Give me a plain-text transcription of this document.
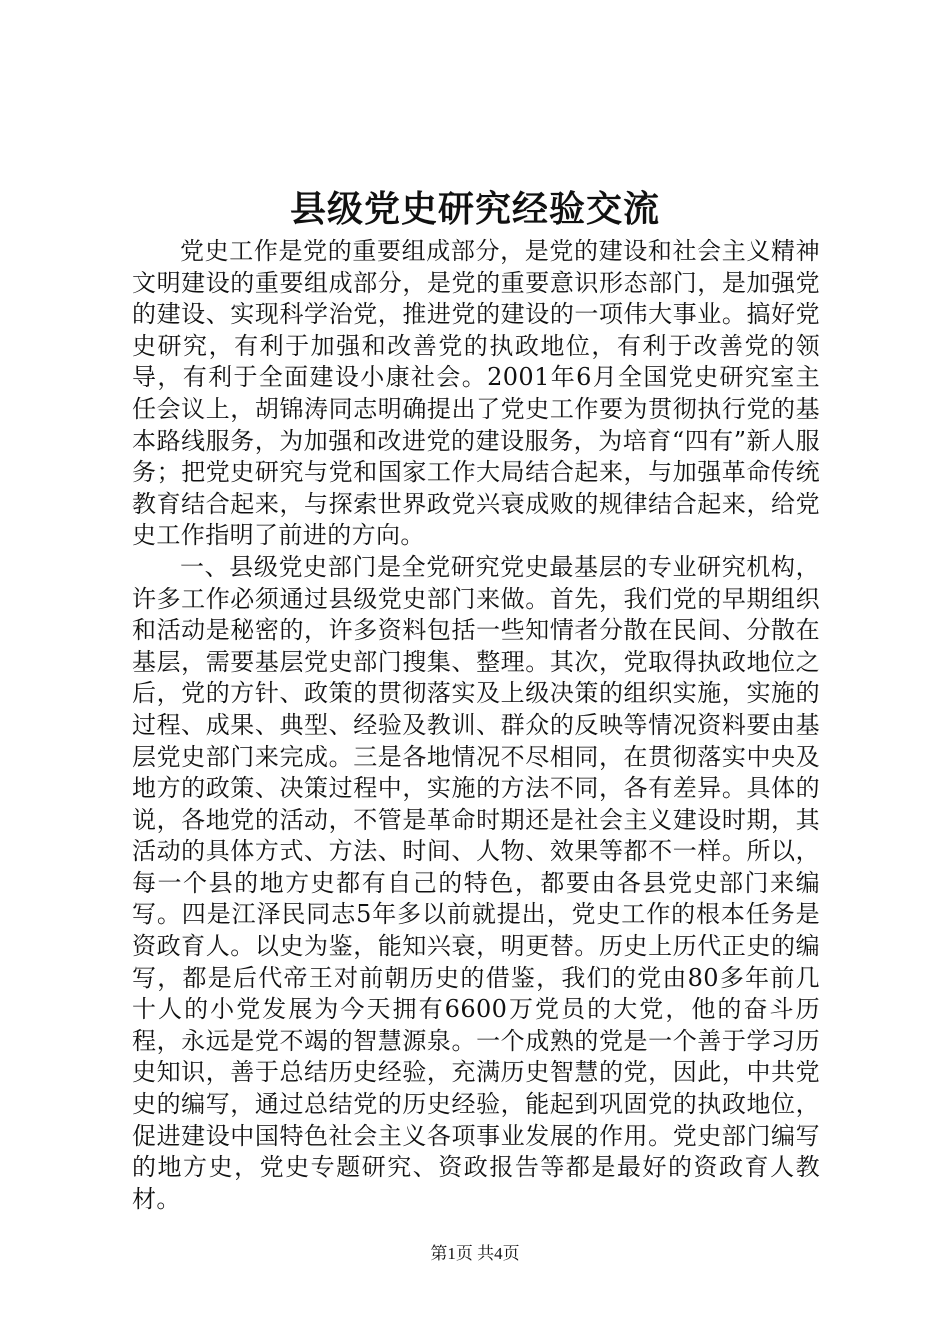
县级党史研究经验交流

党史工作是党的重要组成部分，是党的建设和社会主义精神文明建设的重要组成部分，是党的重要意识形态部门，是加强党的建设、实现科学治党，推进党的建设的一项伟大事业。搞好党史研究，有利于加强和改善党的执政地位，有利于改善党的领导，有利于全面建设小康社会。2001年6月全国党史研究室主任会议上，胡锦涛同志明确提出了党史工作要为贯彻执行党的基本路线服务，为加强和改进党的建设服务，为培育“四有”新人服务；把党史研究与党和国家工作大局结合起来，与加强革命传统教育结合起来，与探索世界政党兴衰成败的规律结合起来，给党史工作指明了前进的方向。

一、县级党史部门是全党研究党史最基层的专业研究机构，许多工作必须通过县级党史部门来做。首先，我们党的早期组织和活动是秘密的，许多资料包括一些知情者分散在民间、分散在基层，需要基层党史部门搜集、整理。其次，党取得执政地位之后，党的方针、政策的贯彻落实及上级决策的组织实施，实施的过程、成果、典型、经验及教训、群众的反映等情况资料要由基层党史部门来完成。三是各地情况不尽相同，在贯彻落实中央及地方的政策、决策过程中，实施的方法不同，各有差异。具体的说，各地党的活动，不管是革命时期还是社会主义建设时期，其活动的具体方式、方法、时间、人物、效果等都不一样。所以，每一个县的地方史都有自己的特色，都要由各县党史部门来编写。四是江泽民同志5年多以前就提出，党史工作的根本任务是资政育人。以史为鉴，能知兴衰，明更替。历史上历代正史的编写，都是后代帝王对前朝历史的借鉴，我们的党由80多年前几十人的小党发展为今天拥有6600万党员的大党，他的奋斗历程，永远是党不竭的智慧源泉。一个成熟的党是一个善于学习历史知识，善于总结历史经验，充满历史智慧的党，因此，中共党史的编写，通过总结党的历史经验，能起到巩固党的执政地位，促进建设中国特色社会主义各项事业发展的作用。党史部门编写的地方史，党史专题研究、资政报告等都是最好的资政育人教材。

第1页 共4页
